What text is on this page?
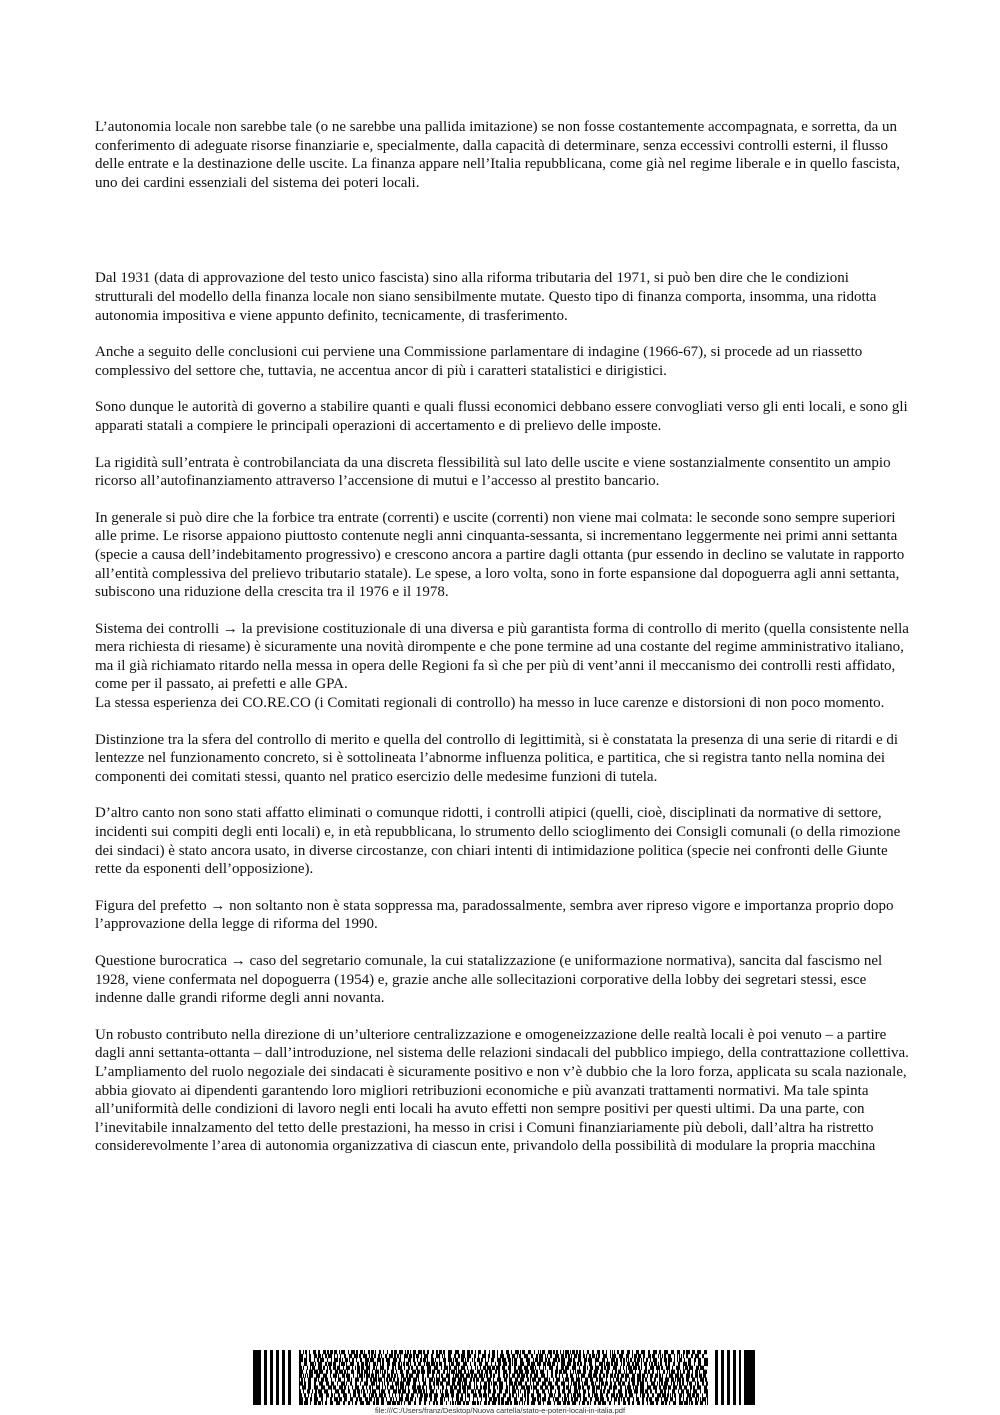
L’autonomia locale non sarebbe tale (o ne sarebbe una pallida imitazione) se non fosse costantemente accompagnata, e sorretta, da un conferimento di adeguate risorse finanziarie e, specialmente, dalla capacità di determinare, senza eccessivi controlli esterni, il flusso delle entrate e la destinazione delle uscite. La finanza appare nell’Italia repubblicana, come già nel regime liberale e in quello fascista, uno dei cardini essenziali del sistema dei poteri locali.

Dal 1931 (data di approvazione del testo unico fascista) sino alla riforma tributaria del 1971, si può ben dire che le condizioni strutturali del modello della finanza locale non siano sensibilmente mutate. Questo tipo di finanza comporta, insomma, una ridotta autonomia impositiva e viene appunto definito, tecnicamente, di trasferimento.

Anche a seguito delle conclusioni cui perviene una Commissione parlamentare di indagine (1966-67), si procede ad un riassetto complessivo del settore che, tuttavia, ne accentua ancor di più i caratteri statalistici e dirigistici.

Sono dunque le autorità di governo a stabilire quanti e quali flussi economici debbano essere convogliati verso gli enti locali, e sono gli apparati statali a compiere le principali operazioni di accertamento e di prelievo delle imposte.

La rigidità sull’entrata è controbilanciata da una discreta flessibilità sul lato delle uscite e viene sostanzialmente consentito un ampio ricorso all’autofinanziamento attraverso l’accensione di mutui e l’accesso al prestito bancario.

In generale si può dire che la forbice tra entrate (correnti) e uscite (correnti) non viene mai colmata: le seconde sono sempre superiori alle prime. Le risorse appaiono piuttosto contenute negli anni cinquanta-sessanta, si incrementano leggermente nei primi anni settanta (specie a causa dell’indebitamento progressivo) e crescono ancora a partire dagli ottanta (pur essendo in declino se valutate in rapporto all’entità complessiva del prelievo tributario statale). Le spese, a loro volta, sono in forte espansione dal dopoguerra agli anni settanta, subiscono una riduzione della crescita tra il 1976 e il 1978.

Sistema dei controlli → la previsione costituzionale di una diversa e più garantista forma di controllo di merito (quella consistente nella mera richiesta di riesame) è sicuramente una novità dirompente e che pone termine ad una costante del regime amministrativo italiano, ma il già richiamato ritardo nella messa in opera delle Regioni fa sì che per più di vent’anni il meccanismo dei controlli resti affidato, come per il passato, ai prefetti e alle GPA.

La stessa esperienza dei CO.RE.CO (i Comitati regionali di controllo) ha messo in luce carenze e distorsioni di non poco momento.

Distinzione tra la sfera del controllo di merito e quella del controllo di legittimità, si è constatata la presenza di una serie di ritardi e di lentezze nel funzionamento concreto, si è sottolineata l’abnorme influenza politica, e partitica, che si registra tanto nella nomina dei componenti dei comitati stessi, quanto nel pratico esercizio delle medesime funzioni di tutela.

D’altro canto non sono stati affatto eliminati o comunque ridotti, i controlli atipici (quelli, cioè, disciplinati da normative di settore, incidenti sui compiti degli enti locali) e, in età repubblicana, lo strumento dello scioglimento dei Consigli comunali (o della rimozione dei sindaci) è stato ancora usato, in diverse circostanze, con chiari intenti di intimidazione politica (specie nei confronti delle Giunte rette da esponenti dell’opposizione).

Figura del prefetto → non soltanto non è stata soppressa ma, paradossalmente, sembra aver ripreso vigore e importanza proprio dopo l’approvazione della legge di riforma del 1990.

Questione burocratica → caso del segretario comunale, la cui statalizzazione (e uniformazione normativa), sancita dal fascismo nel 1928, viene confermata nel dopoguerra (1954) e, grazie anche alle sollecitazioni corporative della lobby dei segretari stessi, esce indenne dalle grandi riforme degli anni novanta.

Un robusto contributo nella direzione di un’ulteriore centralizzazione e omogeneizzazione delle realtà locali è poi venuto – a partire dagli anni settanta-ottanta – dall’introduzione, nel sistema delle relazioni sindacali del pubblico impiego, della contrattazione collettiva. L’ampliamento del ruolo negoziale dei sindacati è sicuramente positivo e non v’è dubbio che la loro forza, applicata su scala nazionale, abbia giovato ai dipendenti garantendo loro migliori retribuzioni economiche e più avanzati trattamenti normativi. Ma tale spinta all’uniformità delle condizioni di lavoro negli enti locali ha avuto effetti non sempre positivi per questi ultimi. Da una parte, con l’inevitabile innalzamento del tetto delle prestazioni, ha messo in crisi i Comuni finanziariamente più deboli, dall’altra ha ristretto considerevolmente l’area di autonomia organizzativa di ciascun ente, privandolo della possibilità di modulare la propria macchina

file:///C:/Users/franz/Desktop/Nuova cartella/stato-e-poteri-locali-in-italia.pdf
